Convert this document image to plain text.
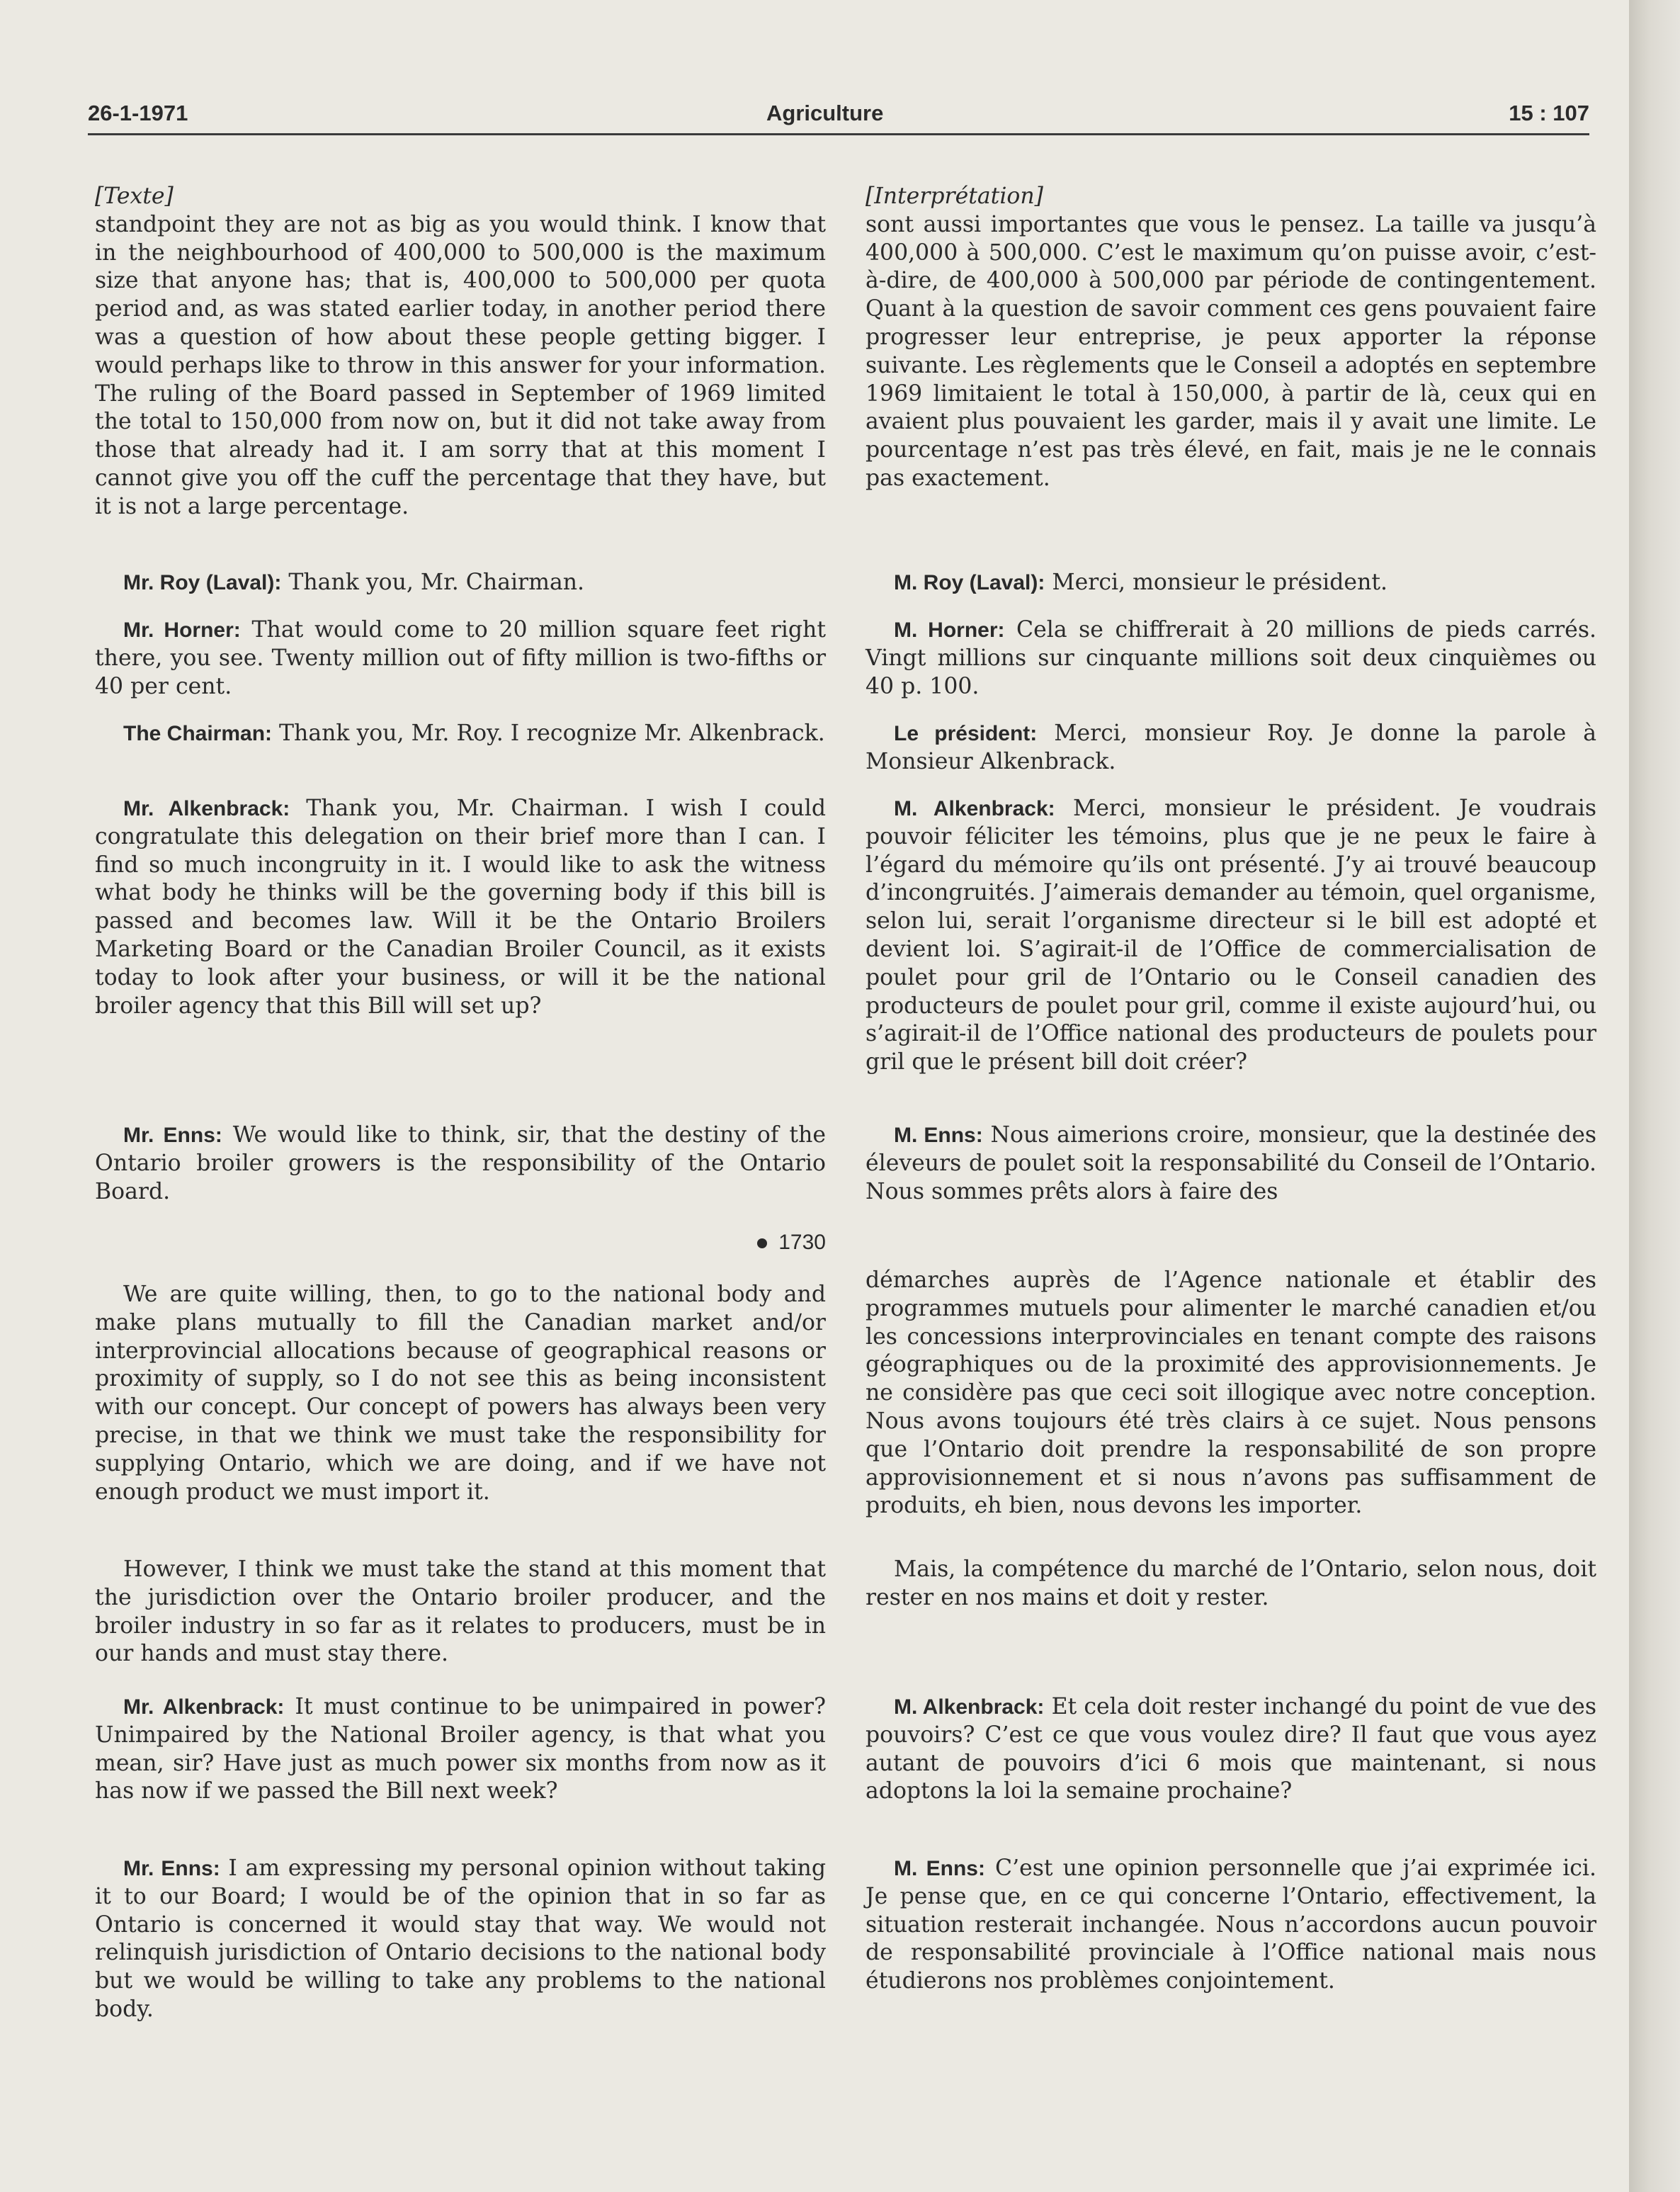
26-1-1971	Agriculture	15 : 107

[Texte]

standpoint they are not as big as you would think. I know that in the neighbourhood of 400,000 to 500,000 is the maximum size that anyone has; that is, 400,000 to 500,000 per quota period and, as was stated earlier today, in another period there was a question of how about these people getting bigger. I would perhaps like to throw in this answer for your information. The ruling of the Board passed in September of 1969 limited the total to 150,000 from now on, but it did not take away from those that already had it. I am sorry that at this moment I cannot give you off the cuff the percentage that they have, but it is not a large percentage.

Mr. Roy (Laval): Thank you, Mr. Chairman.

Mr. Horner: That would come to 20 million square feet right there, you see. Twenty million out of fifty million is two-fifths or 40 per cent.

The Chairman: Thank you, Mr. Roy. I recognize Mr. Alkenbrack.

Mr. Alkenbrack: Thank you, Mr. Chairman. I wish I could congratulate this delegation on their brief more than I can. I find so much incongruity in it. I would like to ask the witness what body he thinks will be the governing body if this bill is passed and becomes law. Will it be the Ontario Broilers Marketing Board or the Canadian Broiler Council, as it exists today to look after your business, or will it be the national broiler agency that this Bill will set up?

Mr. Enns: We would like to think, sir, that the destiny of the Ontario broiler growers is the responsibility of the Ontario Board.

1730

We are quite willing, then, to go to the national body and make plans mutually to fill the Canadian market and/or interprovincial allocations because of geographical reasons or proximity of supply, so I do not see this as being inconsistent with our concept. Our concept of powers has always been very precise, in that we think we must take the responsibility for supplying Ontario, which we are doing, and if we have not enough product we must import it.

However, I think we must take the stand at this moment that the jurisdiction over the Ontario broiler producer, and the broiler industry in so far as it relates to producers, must be in our hands and must stay there.

Mr. Alkenbrack: It must continue to be unimpaired in power? Unimpaired by the National Broiler agency, is that what you mean, sir? Have just as much power six months from now as it has now if we passed the Bill next week?

Mr. Enns: I am expressing my personal opinion without taking it to our Board; I would be of the opinion that in so far as Ontario is concerned it would stay that way. We would not relinquish jurisdiction of Ontario decisions to the national body but we would be willing to take any problems to the national body.

[Interprétation]

sont aussi importantes que vous le pensez. La taille va jusqu’à 400,000 à 500,000. C’est le maximum qu’on puisse avoir, c’est-à-dire, de 400,000 à 500,000 par période de contingentement. Quant à la question de savoir comment ces gens pouvaient faire progresser leur entreprise, je peux apporter la réponse suivante. Les règlements que le Conseil a adoptés en septembre 1969 limitaient le total à 150,000, à partir de là, ceux qui en avaient plus pouvaient les garder, mais il y avait une limite. Le pourcentage n’est pas très élevé, en fait, mais je ne le connais pas exactement.

M. Roy (Laval): Merci, monsieur le président.

M. Horner: Cela se chiffrerait à 20 millions de pieds carrés. Vingt millions sur cinquante millions soit deux cinquièmes ou 40 p. 100.

Le président: Merci, monsieur Roy. Je donne la parole à Monsieur Alkenbrack.

M. Alkenbrack: Merci, monsieur le président. Je voudrais pouvoir féliciter les témoins, plus que je ne peux le faire à l’égard du mémoire qu’ils ont présenté. J’y ai trouvé beaucoup d’incongruités. J’aimerais demander au témoin, quel organisme, selon lui, serait l’organisme directeur si le bill est adopté et devient loi. S’agirait-il de l’Office de commercialisation de poulet pour gril de l’Ontario ou le Conseil canadien des producteurs de poulet pour gril, comme il existe aujourd’hui, ou s’agirait-il de l’Office national des producteurs de poulets pour gril que le présent bill doit créer?

M. Enns: Nous aimerions croire, monsieur, que la destinée des éleveurs de poulet soit la responsabilité du Conseil de l’Ontario. Nous sommes prêts alors à faire des

démarches auprès de l’Agence nationale et établir des programmes mutuels pour alimenter le marché canadien et/ou les concessions interprovinciales en tenant compte des raisons géographiques ou de la proximité des approvisionnements. Je ne considère pas que ceci soit illogique avec notre conception. Nous avons toujours été très clairs à ce sujet. Nous pensons que l’Ontario doit prendre la responsabilité de son propre approvisionnement et si nous n’avons pas suffisamment de produits, eh bien, nous devons les importer.

Mais, la compétence du marché de l’Ontario, selon nous, doit rester en nos mains et doit y rester.

M. Alkenbrack: Et cela doit rester inchangé du point de vue des pouvoirs? C’est ce que vous voulez dire? Il faut que vous ayez autant de pouvoirs d’ici 6 mois que maintenant, si nous adoptons la loi la semaine prochaine?

M. Enns: C’est une opinion personnelle que j’ai exprimée ici. Je pense que, en ce qui concerne l’Ontario, effectivement, la situation resterait inchangée. Nous n’accordons aucun pouvoir de responsabilité provinciale à l’Office national mais nous étudierons nos problèmes conjointement.
